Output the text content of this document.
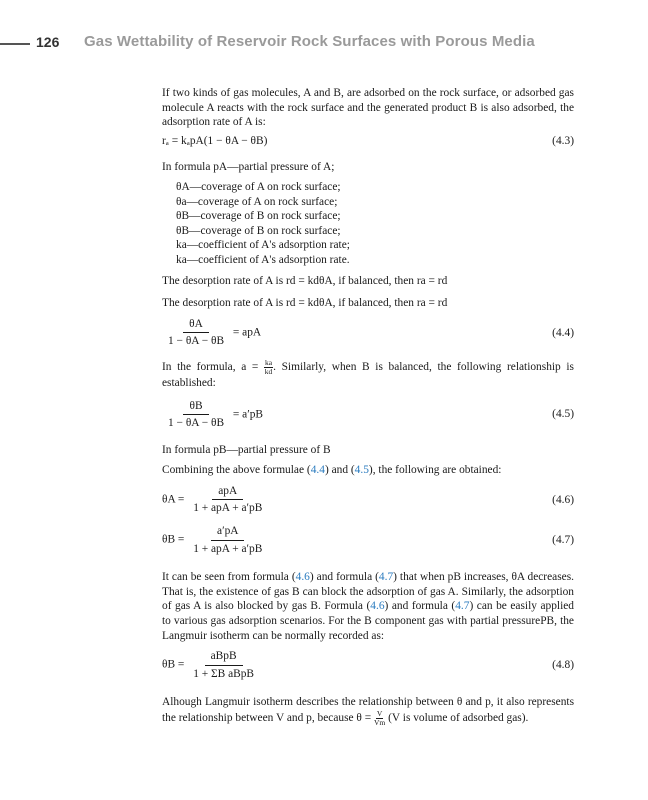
126 Gas Wettability of Reservoir Rock Surfaces with Porous Media

If two kinds of gas molecules, A and B, are adsorbed on the rock surface, or adsorbed gas molecule A reacts with the rock surface and the generated product B is also adsorbed, the adsorption rate of A is:

rₐ = kₐpA(1 − θA − θB)	(4.3)

In formula pA—partial pressure of A;

θA—coverage of A on rock surface;
θa—coverage of A on rock surface;
θB—coverage of B on rock surface;
θB—coverage of B on rock surface;
ka—coefficient of A's adsorption rate;
ka—coefficient of A's adsorption rate.

The desorption rate of A is rd = kdθA, if balanced, then ra = rd

The desorption rate of A is rd = kdθA, if balanced, then ra = rd

$\frac{\theta A}{1 - \theta A - \theta B}$ = apA	(4.4)

In the formula, $a = \frac{ka}{kd}$ . Similarly, when B is balanced, the following relationship is established:

$\frac{\theta B}{1 - \theta A - \theta B} = a'pB$	(4.5)

In formula pB—partial pressure of B

Combining the above formulae (4.4) and (4.5), the following are obtained:

$\theta A = \frac{\text{apA}}{\text{1 + apA + a′pB}}$	(4.6)
$\theta B = \frac{a'pA}{\text{1 + apA + a′pB}}$	(4.7)

It can be seen from formula (4.6) and formula (4.7) that when pB increases, θA decreases. That is, the existence of gas B can block the adsorption of gas A. Similarly, the adsorption of gas A is also blocked by gas B. Formula (4.6) and formula (4.7) can be easily applied to various gas adsorption scenarios. For the B component gas with partial pressurePB, the Langmuir isotherm can be normally recorded as:

$\theta B = \frac{\text{aBpB}}{\text{1 + ΣB aBpB}}$	(4.8)

Alhough Langmuir isotherm describes the relationship between θ and p, it also represents the relationship between V and p, because $\theta = \frac{V}{Vm} (V$ is volume of adsorbed gas).
